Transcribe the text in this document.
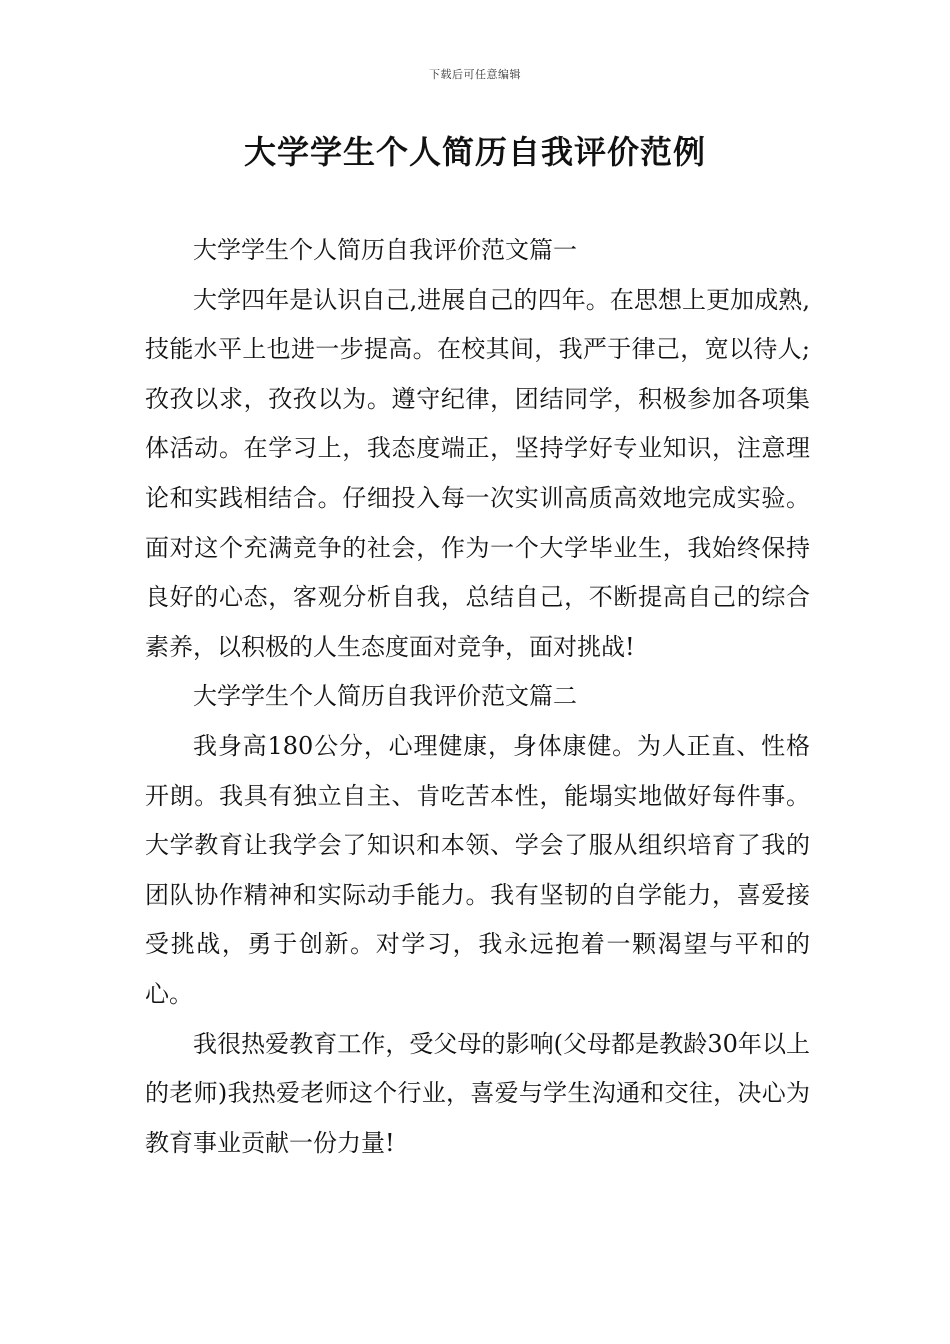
下载后可任意编辑
大学学生个人简历自我评价范例

大学学生个人简历自我评价范文篇一

大学四年是认识自己,进展自己的四年。在思想上更加成熟,技能水平上也进一步提高。在校其间，我严于律己，宽以待人;孜孜以求，孜孜以为。遵守纪律，团结同学，积极参加各项集体活动。在学习上，我态度端正，坚持学好专业知识，注意理论和实践相结合。仔细投入每一次实训高质高效地完成实验。面对这个充满竞争的社会，作为一个大学毕业生，我始终保持良好的心态，客观分析自我，总结自己，不断提高自己的综合素养，以积极的人生态度面对竞争，面对挑战!

大学学生个人简历自我评价范文篇二

我身高180公分，心理健康，身体康健。为人正直、性格开朗。我具有独立自主、肯吃苦本性，能塌实地做好每件事。大学教育让我学会了知识和本领、学会了服从组织培育了我的团队协作精神和实际动手能力。我有坚韧的自学能力，喜爱接受挑战，勇于创新。对学习，我永远抱着一颗渴望与平和的心。

我很热爱教育工作，受父母的影响(父母都是教龄30年以上的老师)我热爱老师这个行业，喜爱与学生沟通和交往，决心为教育事业贡献一份力量!
